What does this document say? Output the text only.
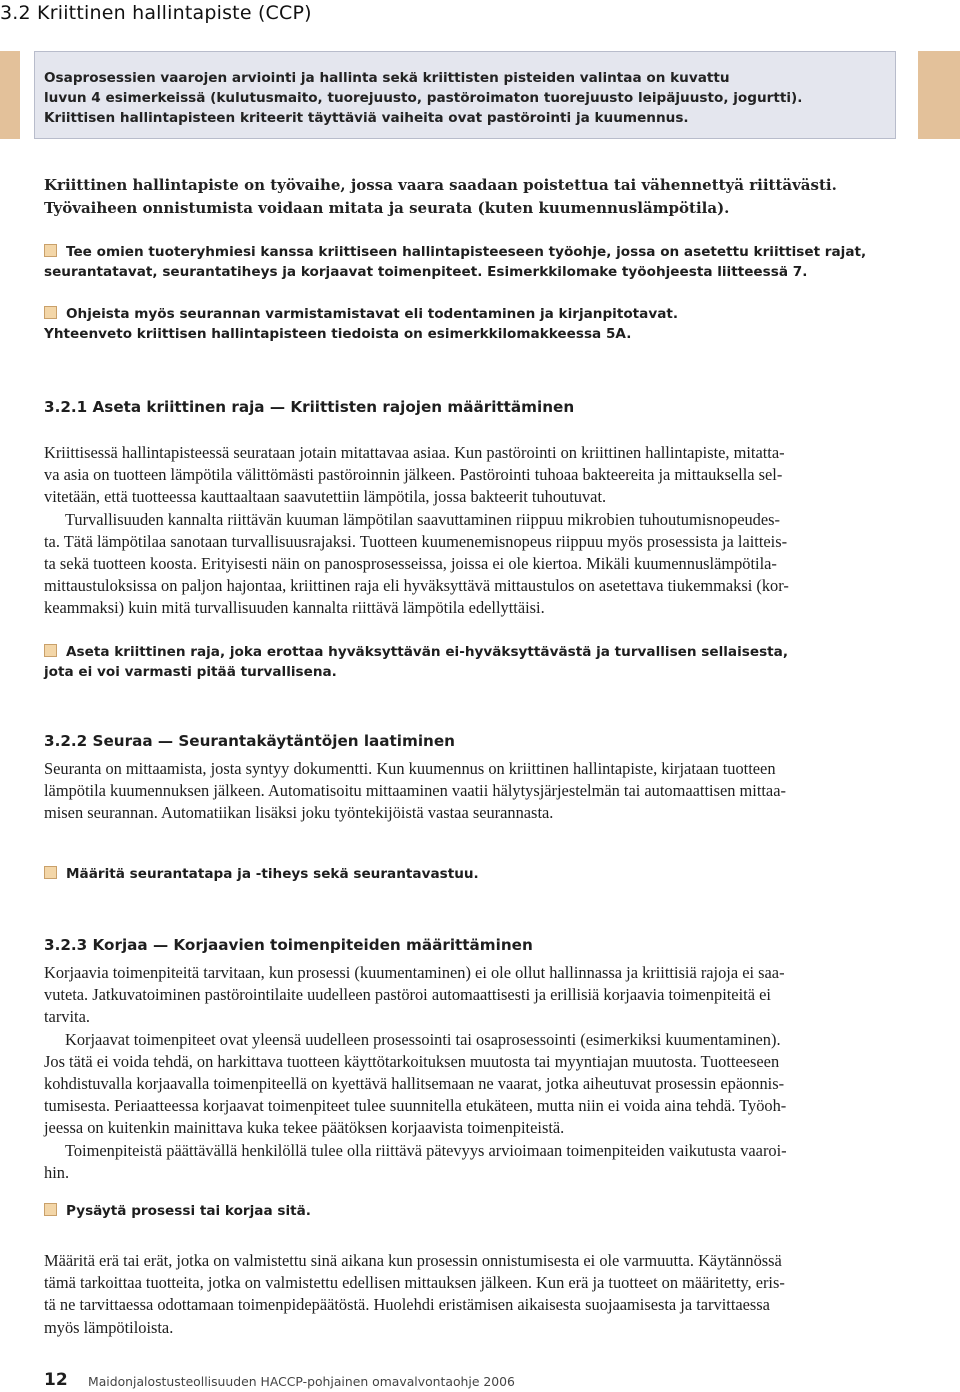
3.2 Kriittinen hallintapiste (CCP)
Osaprosessien vaarojen arviointi ja hallinta sekä kriittisten pisteiden valintaa on kuvattu
luvun 4 esimerkeissä (kulutusmaito, tuorejuusto, pastöroimaton tuorejuusto leipäjuusto, jogurtti).
Kriittisen hallintapisteen kriteerit täyttäviä vaiheita ovat pastörointi ja kuumennus.
Kriittinen hallintapiste on työvaihe, jossa vaara saadaan poistettua tai vähennettyä riittävästi.
Työvaiheen onnistumista voidaan mitata ja seurata (kuten kuumennuslämpötila).
Tee omien tuoteryhmiesi kanssa kriittiseen hallintapisteeseen työohje, jossa on asetettu kriittiset rajat,
seurantatavat, seurantatiheys ja korjaavat toimenpiteet. Esimerkkilomake työohjeesta liitteessä 7.
Ohjeista myös seurannan varmistamistavat eli todentaminen ja kirjanpitotavat.
Yhteenveto kriittisen hallintapisteen tiedoista on esimerkkilomakkeessa 5A.
3.2.1 Aseta kriittinen raja — Kriittisten rajojen määrittäminen
Kriittisessä hallintapisteessä seurataan jotain mitattavaa asiaa. Kun pastörointi on kriittinen hallintapiste, mitatta-
va asia on tuotteen lämpötila välittömästi pastöroinnin jälkeen. Pastörointi tuhoaa bakteereita ja mittauksella sel-
vitetään, että tuotteessa kauttaaltaan saavutettiin lämpötila, jossa bakteerit tuhoutuvat.
Turvallisuuden kannalta riittävän kuuman lämpötilan saavuttaminen riippuu mikrobien tuhoutumisnopeudes-
ta. Tätä lämpötilaa sanotaan turvallisuusrajaksi. Tuotteen kuumenemisnopeus riippuu myös prosessista ja laitteis-
ta sekä tuotteen koosta. Erityisesti näin on panosprosesseissa, joissa ei ole kiertoa. Mikäli kuumennuslämpötila-
mittaustuloksissa on paljon hajontaa, kriittinen raja eli hyväksyttävä mittaustulos on asetettava tiukemmaksi (kor-
keammaksi) kuin mitä turvallisuuden kannalta riittävä lämpötila edellyttäisi.
Aseta kriittinen raja, joka erottaa hyväksyttävän ei-hyväksyttävästä ja turvallisen sellaisesta,
jota ei voi varmasti pitää turvallisena.
3.2.2 Seuraa — Seurantakäytäntöjen laatiminen
Seuranta on mittaamista, josta syntyy dokumentti. Kun kuumennus on kriittinen hallintapiste, kirjataan tuotteen
lämpötila kuumennuksen jälkeen. Automatisoitu mittaaminen vaatii hälytysjärjestelmän tai automaattisen mittaa-
misen seurannan. Automatiikan lisäksi joku työntekijöistä vastaa seurannasta.
Määritä seurantatapa ja -tiheys sekä seurantavastuu.
3.2.3 Korjaa — Korjaavien toimenpiteiden määrittäminen
Korjaavia toimenpiteitä tarvitaan, kun prosessi (kuumentaminen) ei ole ollut hallinnassa ja kriittisiä rajoja ei saa-
vuteta. Jatkuvatoiminen pastörointilaite uudelleen pastöroi automaattisesti ja erillisiä korjaavia toimenpiteitä ei
tarvita.
Korjaavat toimenpiteet ovat yleensä uudelleen prosessointi tai osaprosessointi (esimerkiksi kuumentaminen).
Jos tätä ei voida tehdä, on harkittava tuotteen käyttötarkoituksen muutosta tai myyntiajan muutosta. Tuotteeseen
kohdistuvalla korjaavalla toimenpiteellä on kyettävä hallitsemaan ne vaarat, jotka aiheutuvat prosessin epäonnis-
tumisesta. Periaatteessa korjaavat toimenpiteet tulee suunnitella etukäteen, mutta niin ei voida aina tehdä. Työoh-
jeessa on kuitenkin mainittava kuka tekee päätöksen korjaavista toimenpiteistä.
Toimenpiteistä päättävällä henkilöllä tulee olla riittävä pätevyys arvioimaan toimenpiteiden vaikutusta vaaroi-
hin.
Pysäytä prosessi tai korjaa sitä.
Määritä erä tai erät, jotka on valmistettu sinä aikana kun prosessin onnistumisesta ei ole varmuutta. Käytännössä
tämä tarkoittaa tuotteita, jotka on valmistettu edellisen mittauksen jälkeen. Kun erä ja tuotteet on määritetty, eris-
tä ne tarvittaessa odottamaan toimenpidepäätöstä. Huolehdi eristämisen aikaisesta suojaamisesta ja tarvittaessa
myös lämpötiloista.
12 Maidonjalostusteollisuuden HACCP-pohjainen omavalvontaohje 2006
